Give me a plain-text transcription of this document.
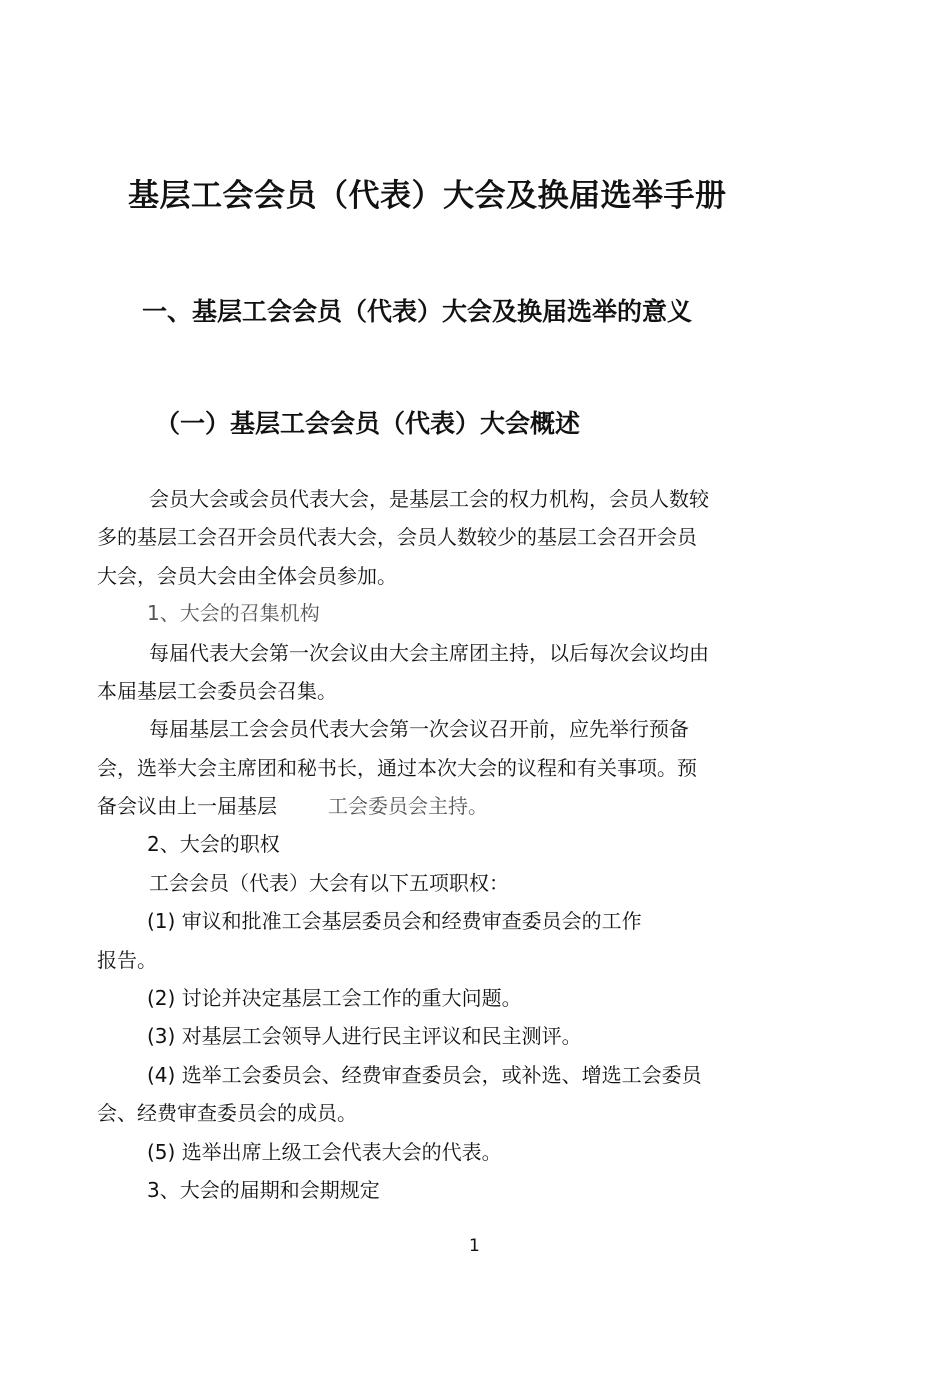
基层工会会员（代表）大会及换届选举手册
一、基层工会会员（代表）大会及换届选举的意义
（一）基层工会会员（代表）大会概述

会员大会或会员代表大会，是基层工会的权力机构，会员人数较

多的基层工会召开会员代表大会，会员人数较少的基层工会召开会员

大会，会员大会由全体会员参加。

1、大会的召集机构

每届代表大会第一次会议由大会主席团主持，以后每次会议均由

本届基层工会委员会召集。

每届基层工会会员代表大会第一次会议召开前，应先举行预备

会，选举大会主席团和秘书长，通过本次大会的议程和有关事项。预

备会议由上一届基层	工会委员会主持。

2、大会的职权

工会会员（代表）大会有以下五项职权：

(1) 审议和批准工会基层委员会和经费审查委员会的工作

报告。

(2) 讨论并决定基层工会工作的重大问题。

(3) 对基层工会领导人进行民主评议和民主测评。

(4) 选举工会委员会、经费审查委员会，或补选、增选工会委员

会、经费审查委员会的成员。

(5) 选举出席上级工会代表大会的代表。

3、大会的届期和会期规定

1
